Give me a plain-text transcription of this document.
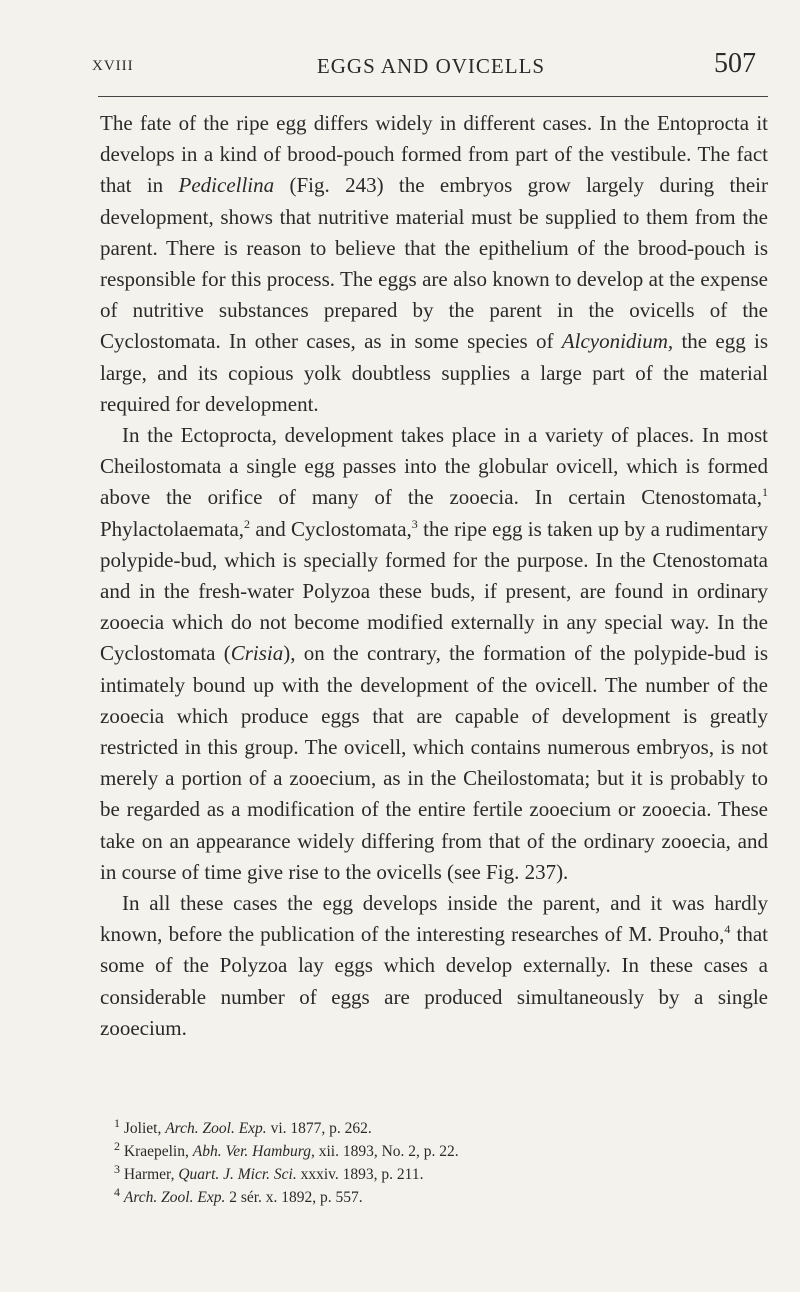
XVIII	EGGS AND OVICELLS	507

The fate of the ripe egg differs widely in different cases. In the Entoprocta it develops in a kind of brood-pouch formed from part of the vestibule. The fact that in Pedicellina (Fig. 243) the embryos grow largely during their development, shows that nutritive material must be supplied to them from the parent. There is reason to believe that the epithelium of the brood-pouch is responsible for this process. The eggs are also known to develop at the expense of nutritive substances prepared by the parent in the ovicells of the Cyclostomata. In other cases, as in some species of Alcyonidium, the egg is large, and its copious yolk doubtless supplies a large part of the material required for development.

In the Ectoprocta, development takes place in a variety of places. In most Cheilostomata a single egg passes into the globular ovicell, which is formed above the orifice of many of the zooecia. In certain Ctenostomata,$^1$ Phylactolaemata,$^2$ and Cyclostomata,$^3$ the ripe egg is taken up by a rudimentary polypide-bud, which is specially formed for the purpose. In the Ctenostomata and in the fresh-water Polyzoa these buds, if present, are found in ordinary zooecia which do not become modified externally in any special way. In the Cyclostomata (Crisia), on the contrary, the formation of the polypide-bud is intimately bound up with the development of the ovicell. The number of the zooecia which produce eggs that are capable of development is greatly restricted in this group. The ovicell, which contains numerous embryos, is not merely a portion of a zooecium, as in the Cheilostomata; but it is probably to be regarded as a modification of the entire fertile zooecium or zooecia. These take on an appearance widely differing from that of the ordinary zooecia, and in course of time give rise to the ovicells (see Fig. 237).

In all these cases the egg develops inside the parent, and it was hardly known, before the publication of the interesting researches of M. Prouho,$^4$ that some of the Polyzoa lay eggs which develop externally. In these cases a considerable number of eggs are produced simultaneously by a single zooecium.

$^1$ Joliet, Arch. Zool. Exp. vi. 1877, p. 262.
$^2$ Kraepelin, Abh. Ver. Hamburg, xii. 1893, No. 2, p. 22.
$^3$ Harmer, Quart. J. Micr. Sci. xxxiv. 1893, p. 211.
$^4$ Arch. Zool. Exp. 2 sér. x. 1892, p. 557.
